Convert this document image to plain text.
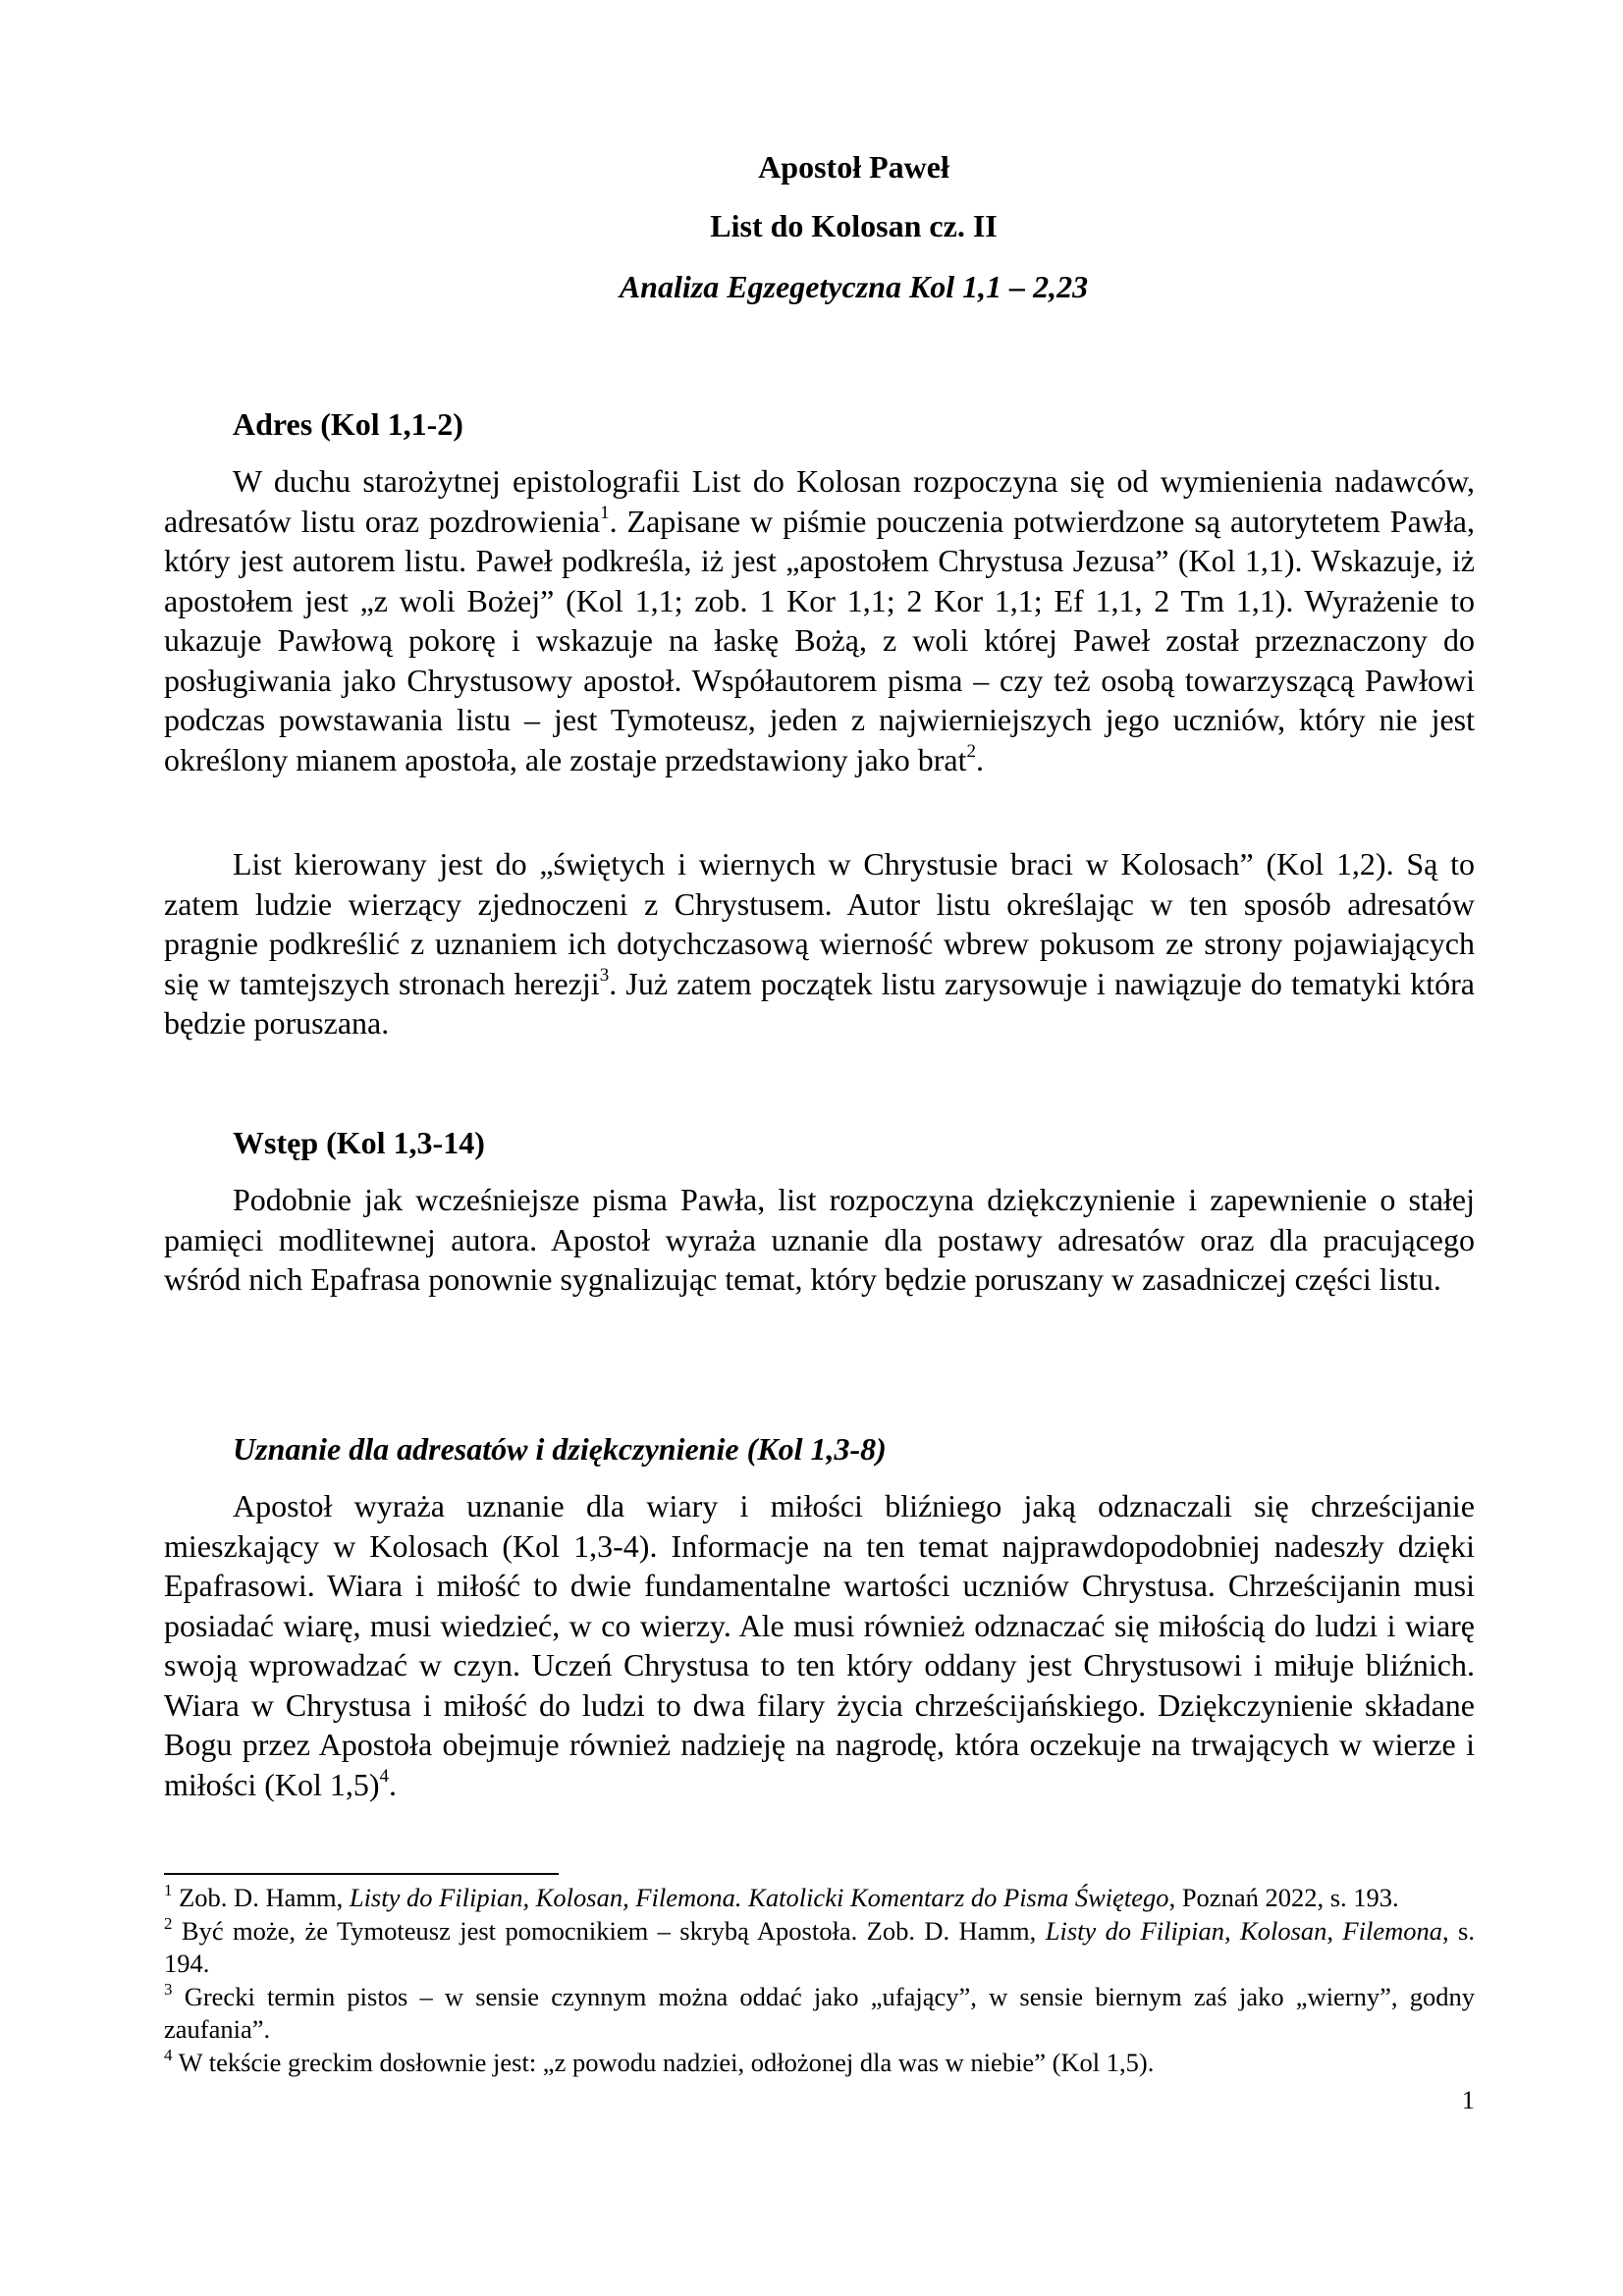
Apostoł Paweł
List do Kolosan cz. II
Analiza Egzegetyczna Kol 1,1 – 2,23
Adres (Kol 1,1-2)

W duchu starożytnej epistolografii List do Kolosan rozpoczyna się od wymienienia nadawców, adresatów listu oraz pozdrowienia$^1$. Zapisane w piśmie pouczenia potwierdzone są autorytetem Pawła, który jest autorem listu. Paweł podkreśla, iż jest „apostołem Chrystusa Jezusa” (Kol 1,1). Wskazuje, iż apostołem jest „z woli Bożej” (Kol 1,1; zob. 1 Kor 1,1; 2 Kor 1,1; Ef 1,1, 2 Tm 1,1). Wyrażenie to ukazuje Pawłową pokorę i wskazuje na łaskę Bożą, z woli której Paweł został przeznaczony do posługiwania jako Chrystusowy apostoł. Współautorem pisma – czy też osobą towarzyszącą Pawłowi podczas powstawania listu – jest Tymoteusz, jeden z najwierniejszych jego uczniów, który nie jest określony mianem apostoła, ale zostaje przedstawiony jako brat$^2$.

List kierowany jest do „świętych i wiernych w Chrystusie braci w Kolosach” (Kol 1,2). Są to zatem ludzie wierzący zjednoczeni z Chrystusem. Autor listu określając w ten sposób adresatów pragnie podkreślić z uznaniem ich dotychczasową wierność wbrew pokusom ze strony pojawiających się w tamtejszych stronach herezji$^3$. Już zatem początek listu zarysowuje i nawiązuje do tematyki która będzie poruszana.

Wstęp (Kol 1,3-14)

Podobnie jak wcześniejsze pisma Pawła, list rozpoczyna dziękczynienie i zapewnienie o stałej pamięci modlitewnej autora. Apostoł wyraża uznanie dla postawy adresatów oraz dla pracującego wśród nich Epafrasa ponownie sygnalizując temat, który będzie poruszany w zasadniczej części listu.

Uznanie dla adresatów i dziękczynienie (Kol 1,3-8)

Apostoł wyraża uznanie dla wiary i miłości bliźniego jaką odznaczali się chrześcijanie mieszkający w Kolosach (Kol 1,3-4). Informacje na ten temat najprawdopodobniej nadeszły dzięki Epafrasowi. Wiara i miłość to dwie fundamentalne wartości uczniów Chrystusa. Chrześcijanin musi posiadać wiarę, musi wiedzieć, w co wierzy. Ale musi również odznaczać się miłością do ludzi i wiarę swoją wprowadzać w czyn. Uczeń Chrystusa to ten który oddany jest Chrystusowi i miłuje bliźnich. Wiara w Chrystusa i miłość do ludzi to dwa filary życia chrześcijańskiego. Dziękczynienie składane Bogu przez Apostoła obejmuje również nadzieję na nagrodę, która oczekuje na trwających w wierze i miłości (Kol 1,5)$^4$.

$^1$ Zob. D. Hamm, Listy do Filipian, Kolosan, Filemona. Katolicki Komentarz do Pisma Świętego, Poznań 2022, s. 193.

$^2$ Być może, że Tymoteusz jest pomocnikiem – skrybą Apostoła. Zob. D. Hamm, Listy do Filipian, Kolosan, Filemona, s. 194.

$^3$ Grecki termin pistos – w sensie czynnym można oddać jako „ufający”, w sensie biernym zaś jako „wierny”, godny zaufania”.

$^4$ W tekście greckim dosłownie jest: „z powodu nadziei, odłożonej dla was w niebie” (Kol 1,5).

1
